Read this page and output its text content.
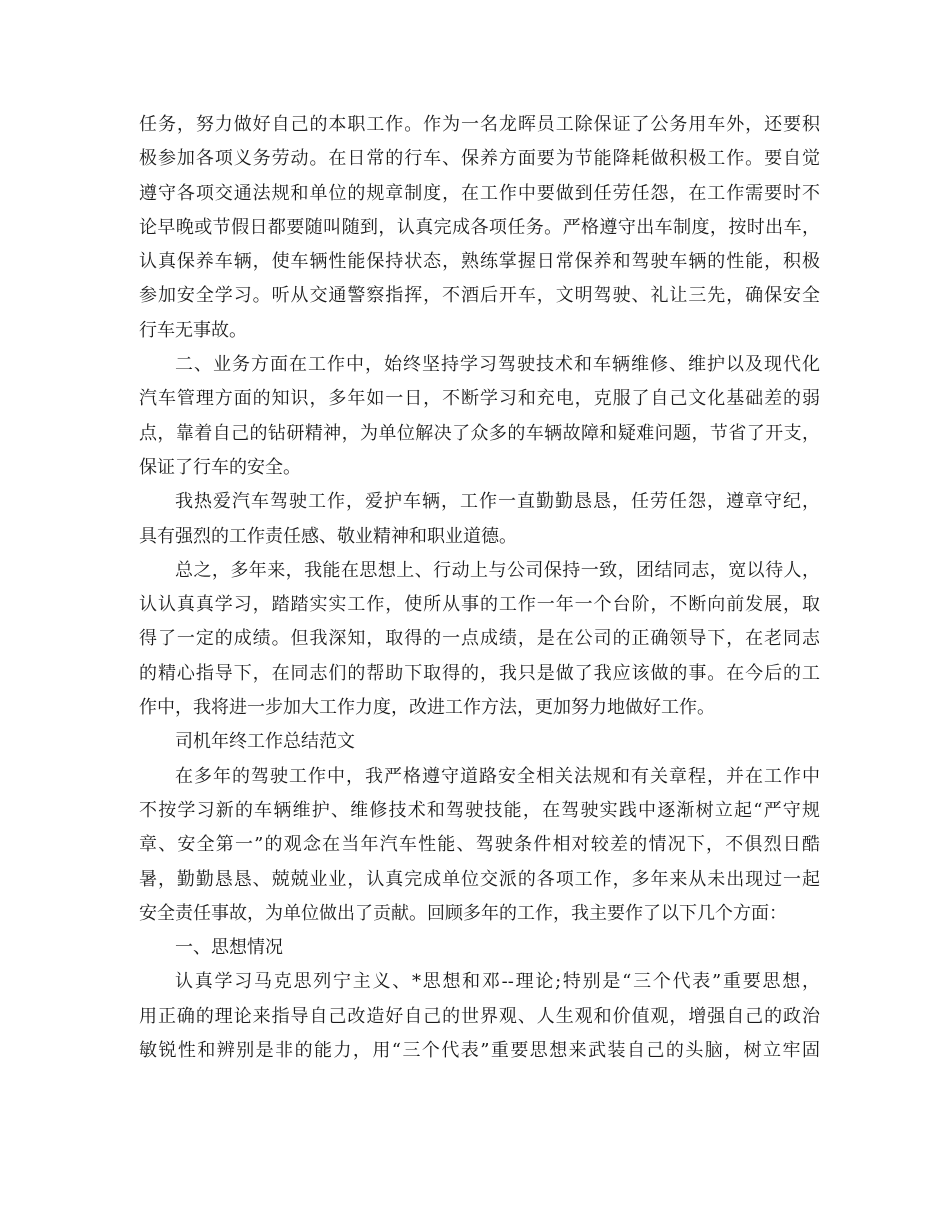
任务，努力做好自己的本职工作。作为一名龙晖员工除保证了公务用车外，还要积
极参加各项义务劳动。在日常的行车、保养方面要为节能降耗做积极工作。要自觉
遵守各项交通法规和单位的规章制度，在工作中要做到任劳任怨，在工作需要时不
论早晚或节假日都要随叫随到，认真完成各项任务。严格遵守出车制度，按时出车，
认真保养车辆，使车辆性能保持状态，熟练掌握日常保养和驾驶车辆的性能，积极
参加安全学习。听从交通警察指挥，不酒后开车，文明驾驶、礼让三先，确保安全
行车无事故。
二、业务方面在工作中，始终坚持学习驾驶技术和车辆维修、维护以及现代化
汽车管理方面的知识，多年如一日，不断学习和充电，克服了自己文化基础差的弱
点，靠着自己的钻研精神，为单位解决了众多的车辆故障和疑难问题，节省了开支，
保证了行车的安全。
我热爱汽车驾驶工作，爱护车辆，工作一直勤勤恳恳，任劳任怨，遵章守纪，
具有强烈的工作责任感、敬业精神和职业道德。
总之，多年来，我能在思想上、行动上与公司保持一致，团结同志，宽以待人，
认认真真学习，踏踏实实工作，使所从事的工作一年一个台阶，不断向前发展，取
得了一定的成绩。但我深知，取得的一点成绩，是在公司的正确领导下，在老同志
的精心指导下，在同志们的帮助下取得的，我只是做了我应该做的事。在今后的工
作中，我将进一步加大工作力度，改进工作方法，更加努力地做好工作。
司机年终工作总结范文
在多年的驾驶工作中，我严格遵守道路安全相关法规和有关章程，并在工作中
不按学习新的车辆维护、维修技术和驾驶技能，在驾驶实践中逐渐树立起“严守规
章、安全第一”的观念在当年汽车性能、驾驶条件相对较差的情况下，不俱烈日酷
暑，勤勤恳恳、兢兢业业，认真完成单位交派的各项工作，多年来从未出现过一起
安全责任事故，为单位做出了贡献。回顾多年的工作，我主要作了以下几个方面：
一、思想情况
认真学习马克思列宁主义、*思想和邓--理论;特别是“三个代表”重要思想，
用正确的理论来指导自己改造好自己的世界观、人生观和价值观，增强自己的政治
敏锐性和辨别是非的能力，用“三个代表”重要思想来武装自己的头脑，树立牢固
